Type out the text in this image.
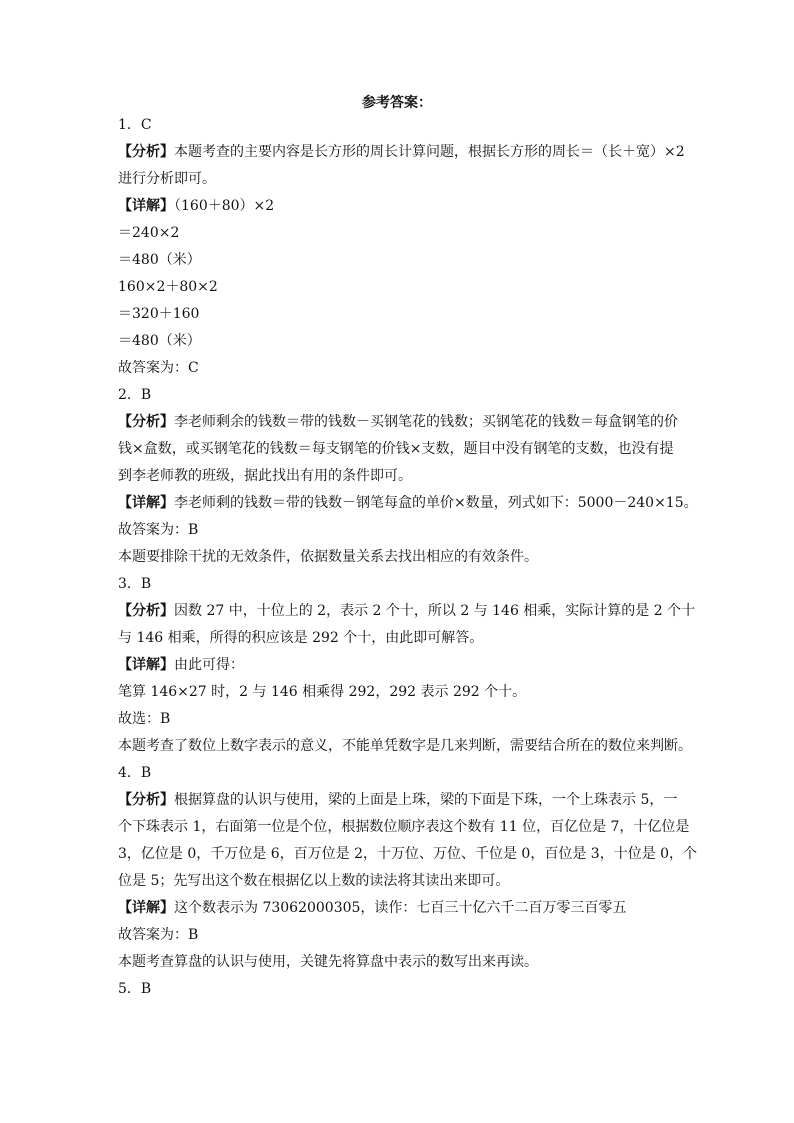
参考答案：
1．C
【分析】本题考查的主要内容是长方形的周长计算问题，根据长方形的周长＝（长＋宽）×2
进行分析即可。
【详解】（160＋80）×2
＝240×2
＝480（米）
160×2＋80×2
＝320＋160
＝480（米）
故答案为：C
2．B
【分析】李老师剩余的钱数＝带的钱数－买钢笔花的钱数；买钢笔花的钱数＝每盒钢笔的价
钱×盒数，或买钢笔花的钱数＝每支钢笔的价钱×支数，题目中没有钢笔的支数，也没有提
到李老师教的班级，据此找出有用的条件即可。
【详解】李老师剩的钱数＝带的钱数－钢笔每盒的单价×数量，列式如下：5000－240×15。
故答案为：B
本题要排除干扰的无效条件，依据数量关系去找出相应的有效条件。
3．B
【分析】因数 27 中，十位上的 2，表示 2 个十，所以 2 与 146 相乘，实际计算的是 2 个十
与 146 相乘，所得的积应该是 292 个十，由此即可解答。
【详解】由此可得：
笔算 146×27 时，2 与 146 相乘得 292，292 表示 292 个十。
故选：B
本题考查了数位上数字表示的意义，不能单凭数字是几来判断，需要结合所在的数位来判断。
4．B
【分析】根据算盘的认识与使用，梁的上面是上珠，梁的下面是下珠，一个上珠表示 5，一
个下珠表示 1，右面第一位是个位，根据数位顺序表这个数有 11 位，百亿位是 7，十亿位是
3，亿位是 0，千万位是 6，百万位是 2，十万位、万位、千位是 0，百位是 3，十位是 0，个
位是 5；先写出这个数在根据亿以上数的读法将其读出来即可。
【详解】这个数表示为 73062000305，读作：七百三十亿六千二百万零三百零五
故答案为：B
本题考查算盘的认识与使用，关键先将算盘中表示的数写出来再读。
5．B
